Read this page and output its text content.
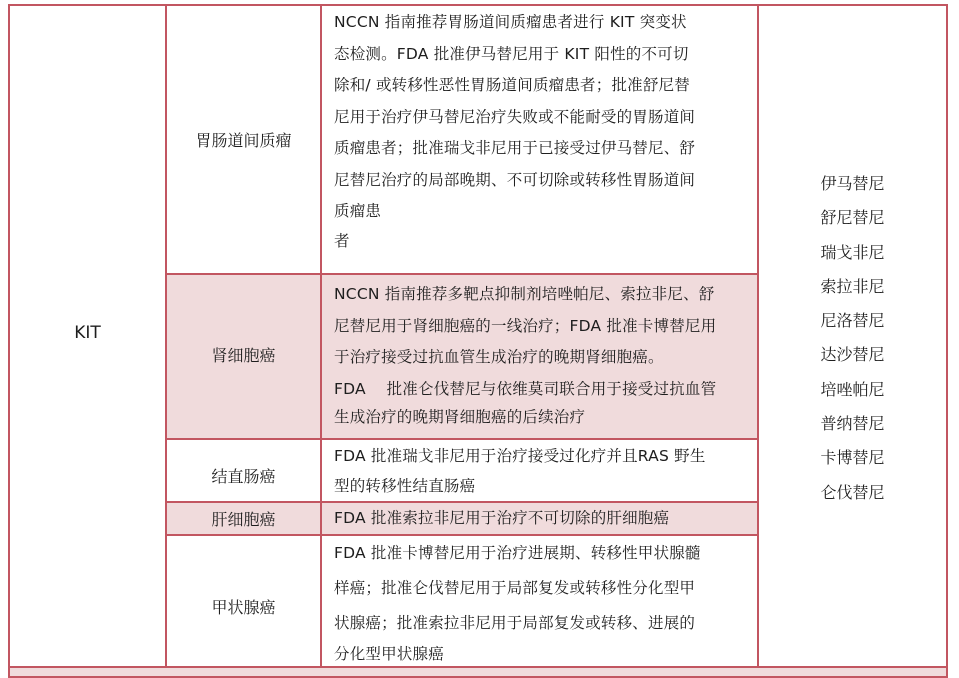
KIT
胃肠道间质瘤

NCCN 指南推荐胃肠道间质瘤患者进行 KIT 突变状

态检测。FDA 批准伊马替尼用于 KIT 阳性的不可切

除和/ 或转移性恶性胃肠道间质瘤患者；批准舒尼替

尼用于治疗伊马替尼治疗失败或不能耐受的胃肠道间

质瘤患者；批准瑞戈非尼用于已接受过伊马替尼、舒

尼替尼治疗的局部晚期、不可切除或转移性胃肠道间

质瘤患

者

肾细胞癌

NCCN 指南推荐多靶点抑制剂培唑帕尼、索拉非尼、舒

尼替尼用于肾细胞癌的一线治疗；FDA 批准卡博替尼用

于治疗接受过抗血管生成治疗的晚期肾细胞癌。

FDA　 批准仑伐替尼与依维莫司联合用于接受过抗血管

生成治疗的晚期肾细胞癌的后续治疗

结直肠癌

FDA 批准瑞戈非尼用于治疗接受过化疗并且RAS 野生

型的转移性结直肠癌

肝细胞癌	FDA 批准索拉非尼用于治疗不可切除的肝细胞癌

甲状腺癌

FDA 批准卡博替尼用于治疗进展期、转移性甲状腺髓

样癌；批准仑伐替尼用于局部复发或转移性分化型甲

状腺癌；批准索拉非尼用于局部复发或转移、进展的

分化型甲状腺癌

伊马替尼
舒尼替尼
瑞戈非尼
索拉非尼
尼洛替尼
达沙替尼
培唑帕尼
普纳替尼
卡博替尼
仑伐替尼
